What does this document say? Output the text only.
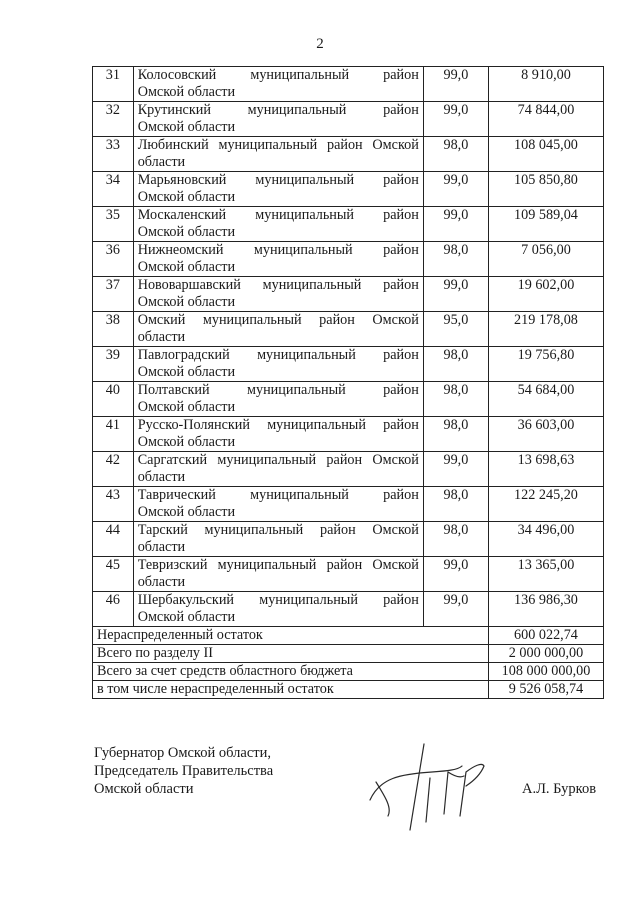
2
31	Колосовский муниципальный район
Омской области	99,0	8 910,00
32	Крутинский муниципальный район
Омской области	99,0	74 844,00
33	Любинский муниципальный район Омской
области	98,0	108 045,00
34	Марьяновский муниципальный район
Омской области	99,0	105 850,80
35	Москаленский муниципальный район
Омской области	99,0	109 589,04
36	Нижнеомский муниципальный район
Омской области	98,0	7 056,00
37	Нововаршавский муниципальный район
Омской области	99,0	19 602,00
38	Омский муниципальный район Омской
области	95,0	219 178,08
39	Павлоградский муниципальный район
Омской области	98,0	19 756,80
40	Полтавский муниципальный район
Омской области	98,0	54 684,00
41	Русско-Полянский муниципальный район
Омской области	98,0	36 603,00
42	Саргатский муниципальный район Омской
области	99,0	13 698,63
43	Таврический муниципальный район
Омской области	98,0	122 245,20
44	Тарский муниципальный район Омской
области	98,0	34 496,00
45	Тевризский муниципальный район Омской
области	99,0	13 365,00
46	Шербакульский муниципальный район
Омской области	99,0	136 986,30
Нераспределенный остаток			600 022,74
Всего по разделу II			2 000 000,00
Всего за счет средств областного бюджета			108 000 000,00
в том числе нераспределенный остаток			9 526 058,74
Губернатор Омской области,
Председатель Правительства
Омской области	А.Л. Бурков
